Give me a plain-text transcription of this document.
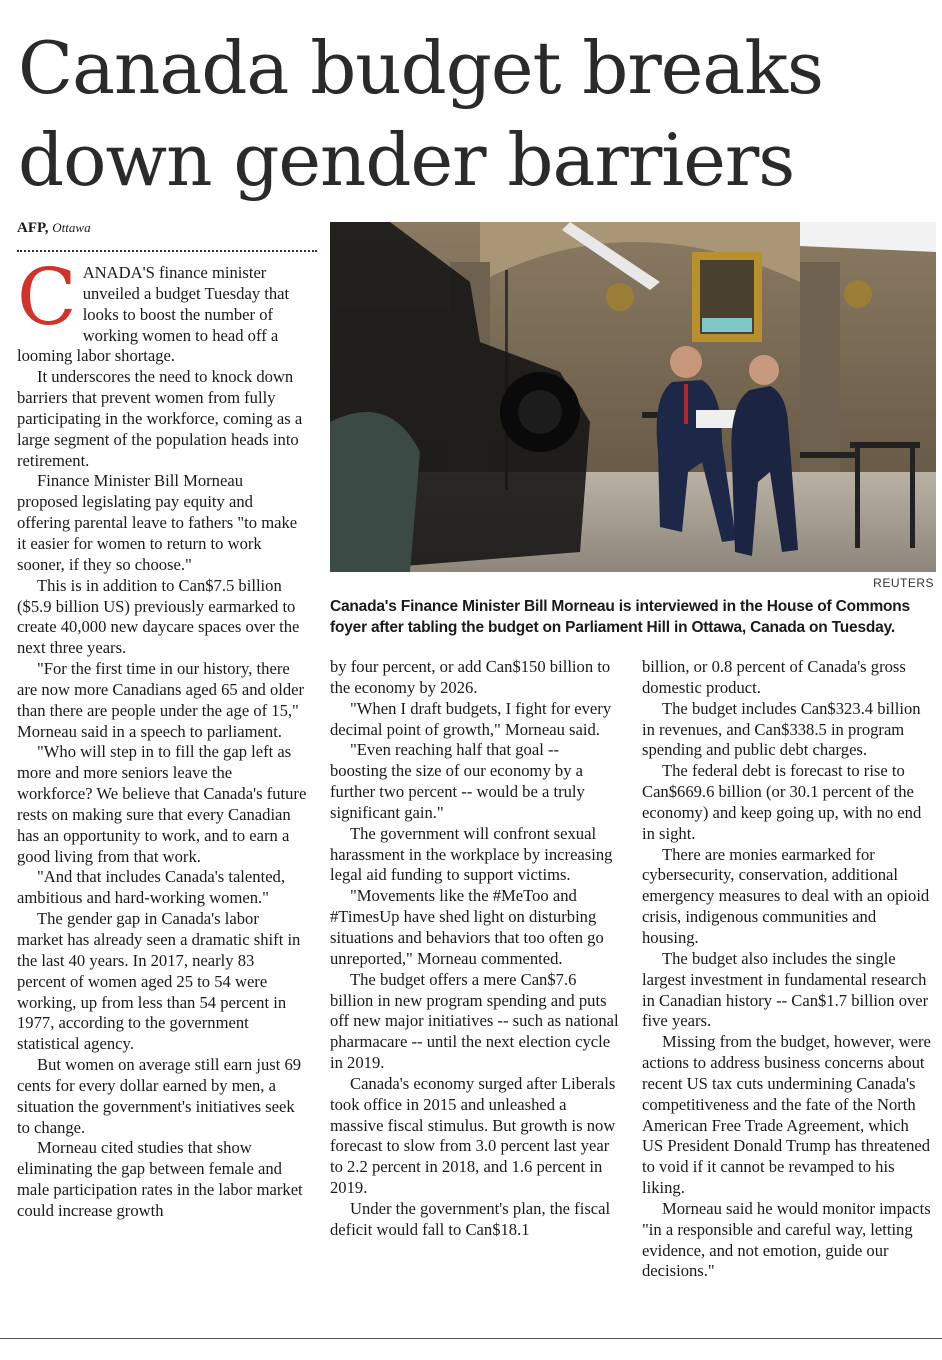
Canada budget breaks
down gender barriers
AFP, Ottawa

CANADA'S finance minister unveiled a budget Tuesday that looks to boost the number of working women to head off a looming labor shortage.

It underscores the need to knock down barriers that prevent women from fully participating in the workforce, coming as a large segment of the population heads into retirement.

Finance Minister Bill Morneau proposed legislating pay equity and offering parental leave to fathers "to make it easier for women to return to work sooner, if they so choose."

This is in addition to Can$7.5 billion ($5.9 billion US) previously earmarked to create 40,000 new daycare spaces over the next three years.

"For the first time in our history, there are now more Canadians aged 65 and older than there are people under the age of 15," Morneau said in a speech to parliament.

"Who will step in to fill the gap left as more and more seniors leave the workforce? We believe that Canada's future rests on making sure that every Canadian has an opportunity to work, and to earn a good living from that work.

"And that includes Canada's talented, ambitious and hard-working women."

The gender gap in Canada's labor market has already seen a dramatic shift in the last 40 years. In 2017, nearly 83 percent of women aged 25 to 54 were working, up from less than 54 percent in 1977, according to the government statistical agency.

But women on average still earn just 69 cents for every dollar earned by men, a situation the government's initiatives seek to change.

Morneau cited studies that show eliminating the gap between female and male participation rates in the labor market could increase growth

REUTERS
Canada's Finance Minister Bill Morneau is interviewed in the House of Commons foyer after tabling the budget on Parliament Hill in Ottawa, Canada on Tuesday.

by four percent, or add Can$150 billion to the economy by 2026.

"When I draft budgets, I fight for every decimal point of growth," Morneau said.

"Even reaching half that goal -- boosting the size of our economy by a further two percent -- would be a truly significant gain."

The government will confront sexual harassment in the workplace by increasing legal aid funding to support victims.

"Movements like the #MeToo and #TimesUp have shed light on disturbing situations and behaviors that too often go unreported," Morneau commented.

The budget offers a mere Can$7.6 billion in new program spending and puts off new major initiatives -- such as national pharmacare -- until the next election cycle in 2019.

Canada's economy surged after Liberals took office in 2015 and unleashed a massive fiscal stimulus. But growth is now forecast to slow from 3.0 percent last year to 2.2 percent in 2018, and 1.6 percent in 2019.

Under the government's plan, the fiscal deficit would fall to Can$18.1

billion, or 0.8 percent of Canada's gross domestic product.

The budget includes Can$323.4 billion in revenues, and Can$338.5 in program spending and public debt charges.

The federal debt is forecast to rise to Can$669.6 billion (or 30.1 percent of the economy) and keep going up, with no end in sight.

There are monies earmarked for cybersecurity, conservation, additional emergency measures to deal with an opioid crisis, indigenous communities and housing.

The budget also includes the single largest investment in fundamental research in Canadian history -- Can$1.7 billion over five years.

Missing from the budget, however, were actions to address business concerns about recent US tax cuts undermining Canada's competitiveness and the fate of the North American Free Trade Agreement, which US President Donald Trump has threatened to void if it cannot be revamped to his liking.

Morneau said he would monitor impacts "in a responsible and careful way, letting evidence, and not emotion, guide our decisions."
